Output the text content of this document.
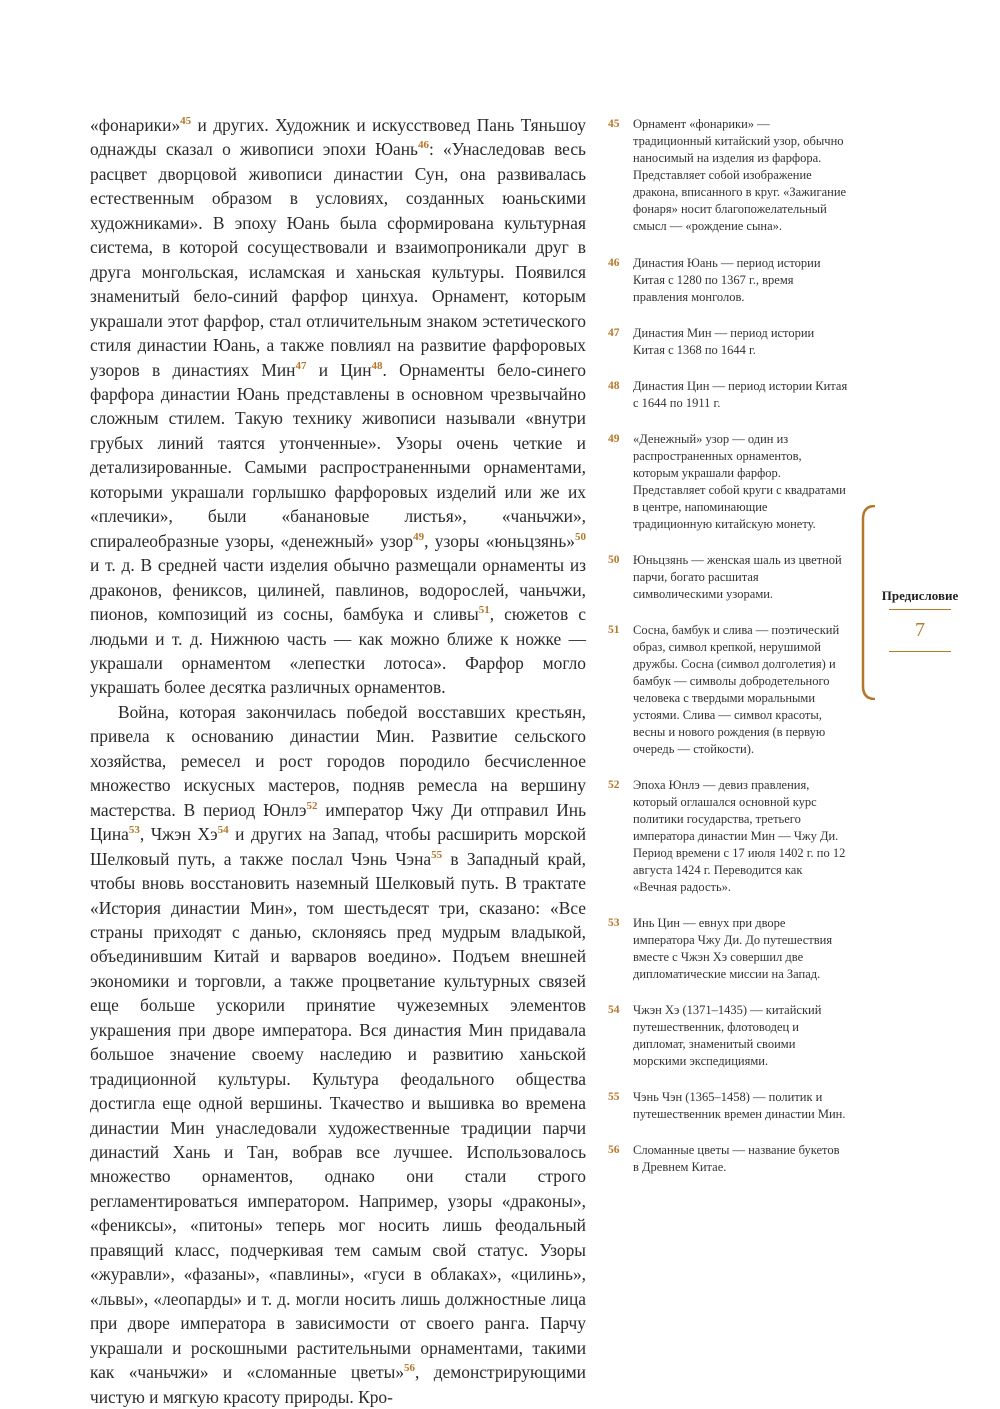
«фонарики»$^{45}$ и других. Художник и искусствовед Пань Тяньшоу однажды сказал о живописи эпохи Юань$^{46}$: «Унаследовав весь расцвет дворцовой живописи династии Сун, она развивалась естественным образом в условиях, созданных юаньскими художниками». В эпоху Юань была сформирована культурная система, в которой сосуществовали и взаимопроникали друг в друга монгольская, исламская и ханьская культуры. Появился знаменитый бело-синий фарфор цинхуа. Орнамент, которым украшали этот фарфор, стал отличительным знаком эстетического стиля династии Юань, а также повлиял на развитие фарфоровых узоров в династиях Мин$^{47}$ и Цин$^{48}$. Орнаменты бело-синего фарфора династии Юань представлены в основном чрезвычайно сложным стилем. Такую технику живописи называли «внутри грубых линий таятся утонченные». Узоры очень четкие и детализированные. Самыми распространенными орнаментами, которыми украшали горлышко фарфоровых изделий или же их «плечики», были «банановые листья», «чаньчжи», спиралеобразные узоры, «денежный» узор$^{49}$, узоры «юньцзянь»$^{50}$ и т. д. В средней части изделия обычно размещали орнаменты из драконов, фениксов, цилиней, павлинов, водорослей, чаньчжи, пионов, композиций из сосны, бамбука и сливы$^{51}$, сюжетов с людьми и т. д. Нижнюю часть — как можно ближе к ножке — украшали орнаментом «лепестки лотоса». Фарфор могло украшать более десятка различных орнаментов.

Война, которая закончилась победой восставших крестьян, привела к основанию династии Мин. Развитие сельского хозяйства, ремесел и рост городов породило бесчисленное множество искусных мастеров, подняв ремесла на вершину мастерства. В период Юнлэ$^{52}$ император Чжу Ди отправил Инь Цина$^{53}$, Чжэн Хэ$^{54}$ и других на Запад, чтобы расширить морской Шелковый путь, а также послал Чэнь Чэна$^{55}$ в Западный край, чтобы вновь восстановить наземный Шелковый путь. В трактате «История династии Мин», том шестьдесят три, сказано: «Все страны приходят с данью, склоняясь пред мудрым владыкой, объединившим Китай и варваров воедино». Подъем внешней экономики и торговли, а также процветание культурных связей еще больше ускорили принятие чужеземных элементов украшения при дворе императора. Вся династия Мин придавала большое значение своему наследию и развитию ханьской традиционной культуры. Культура феодального общества достигла еще одной вершины. Ткачество и вышивка во времена династии Мин унаследовали художественные традиции парчи династий Хань и Тан, вобрав все лучшее. Использовалось множество орнаментов, однако они стали строго регламентироваться императором. Например, узоры «драконы», «фениксы», «питоны» теперь мог носить лишь феодальный правящий класс, подчеркивая тем самым свой статус. Узоры «журавли», «фазаны», «павлины», «гуси в облаках», «цилинь», «львы», «леопарды» и т. д. могли носить лишь должностные лица при дворе императора в зависимости от своего ранга. Парчу украшали и роскошными растительными орнаментами, такими как «чаньчжи» и «сломанные цветы»$^{56}$, демонстрирующими чистую и мягкую красоту природы. Кро-

45 Орнамент «фонарики» — традиционный китайский узор, обычно наносимый на изделия из фарфора. Представляет собой изображение дракона, вписанного в круг. «Зажигание фонаря» носит благопожелательный смысл — «рождение сына».

46 Династия Юань — период истории Китая с 1280 по 1367 г., время правления монголов.

47 Династия Мин — период истории Китая с 1368 по 1644 г.

48 Династия Цин — период истории Китая с 1644 по 1911 г.

49 «Денежный» узор — один из распространенных орнаментов, которым украшали фарфор. Представляет собой круги с квадратами в центре, напоминающие традиционную китайскую монету.

50 Юньцзянь — женская шаль из цветной парчи, богато расшитая символическими узорами.

51 Сосна, бамбук и слива — поэтический образ, символ крепкой, нерушимой дружбы. Сосна (символ долголетия) и бамбук — символы добродетельного человека с твердыми моральными устоями. Слива — символ красоты, весны и нового рождения (в первую очередь — стойкости).

52 Эпоха Юнлэ — девиз правления, который оглашался основной курс политики государства, третьего императора династии Мин — Чжу Ди. Период времени с 17 июля 1402 г. по 12 августа 1424 г. Переводится как «Вечная радость».

53 Инь Цин — евнух при дворе императора Чжу Ди. До путешествия вместе с Чжэн Хэ совершил две дипломатические миссии на Запад.

54 Чжэн Хэ (1371–1435) — китайский путешественник, флотоводец и дипломат, знаменитый своими морскими экспедициями.

55 Чэнь Чэн (1365–1458) — политик и путешественник времен династии Мин.

56 Сломанные цветы — название букетов в Древнем Китае.

Предисловие
7
